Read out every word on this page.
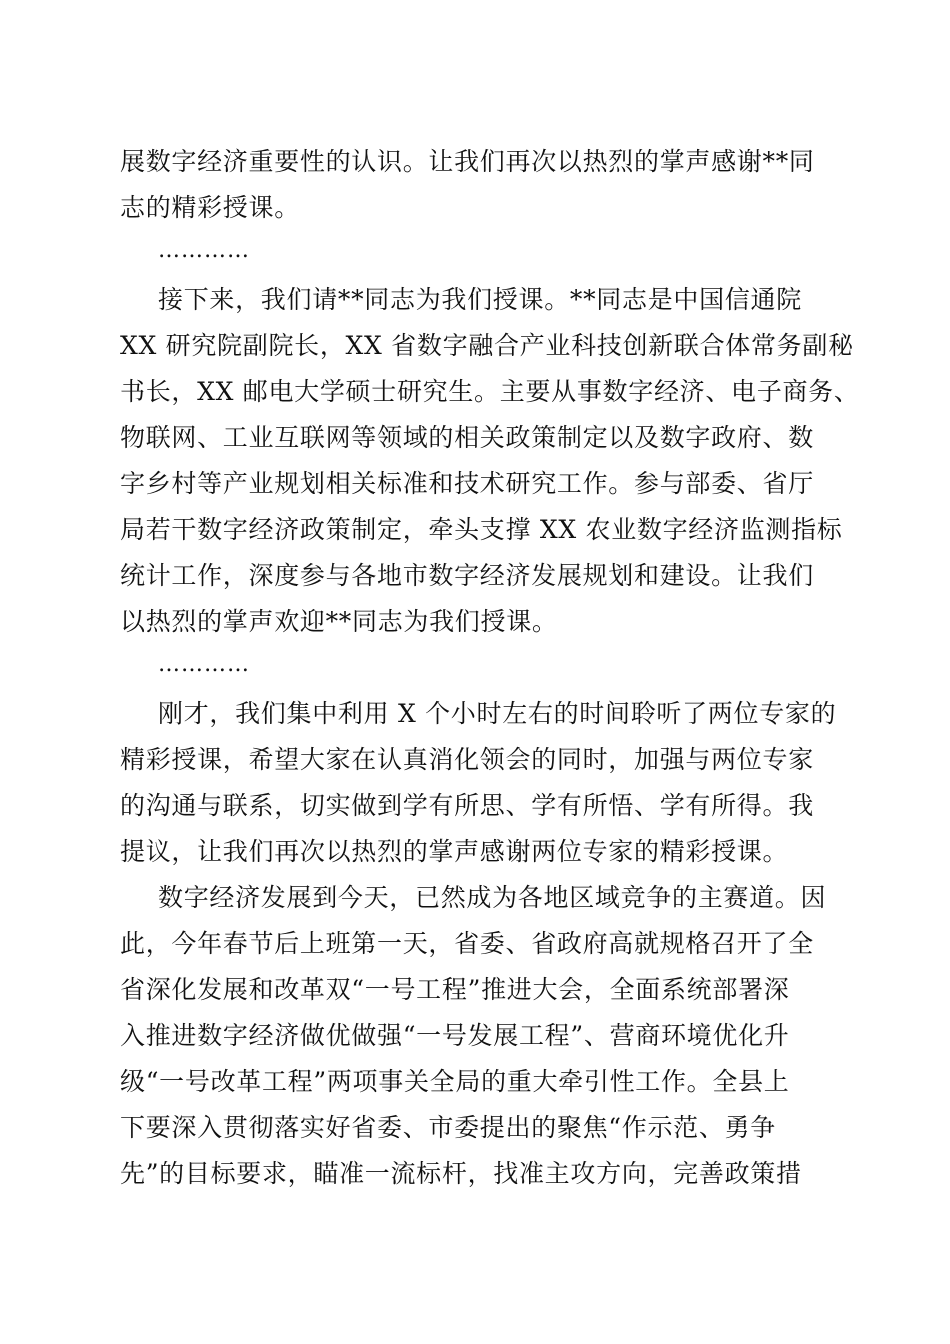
展数字经济重要性的认识。让我们再次以热烈的掌声感谢**同
志的精彩授课。
…………
接下来，我们请**同志为我们授课。**同志是中国信通院
XX 研究院副院长，XX 省数字融合产业科技创新联合体常务副秘
书长，XX 邮电大学硕士研究生。主要从事数字经济、电子商务、
物联网、工业互联网等领域的相关政策制定以及数字政府、数
字乡村等产业规划相关标准和技术研究工作。参与部委、省厅
局若干数字经济政策制定，牵头支撑 XX 农业数字经济监测指标
统计工作，深度参与各地市数字经济发展规划和建设。让我们
以热烈的掌声欢迎**同志为我们授课。
…………
刚才，我们集中利用 X 个小时左右的时间聆听了两位专家的
精彩授课，希望大家在认真消化领会的同时，加强与两位专家
的沟通与联系，切实做到学有所思、学有所悟、学有所得。我
提议，让我们再次以热烈的掌声感谢两位专家的精彩授课。
数字经济发展到今天，已然成为各地区域竞争的主赛道。因
此，今年春节后上班第一天，省委、省政府高就规格召开了全
省深化发展和改革双“一号工程”推进大会，全面系统部署深
入推进数字经济做优做强“一号发展工程”、营商环境优化升
级“一号改革工程”两项事关全局的重大牵引性工作。全县上
下要深入贯彻落实好省委、市委提出的聚焦“作示范、勇争
先”的目标要求，瞄准一流标杆，找准主攻方向，完善政策措
